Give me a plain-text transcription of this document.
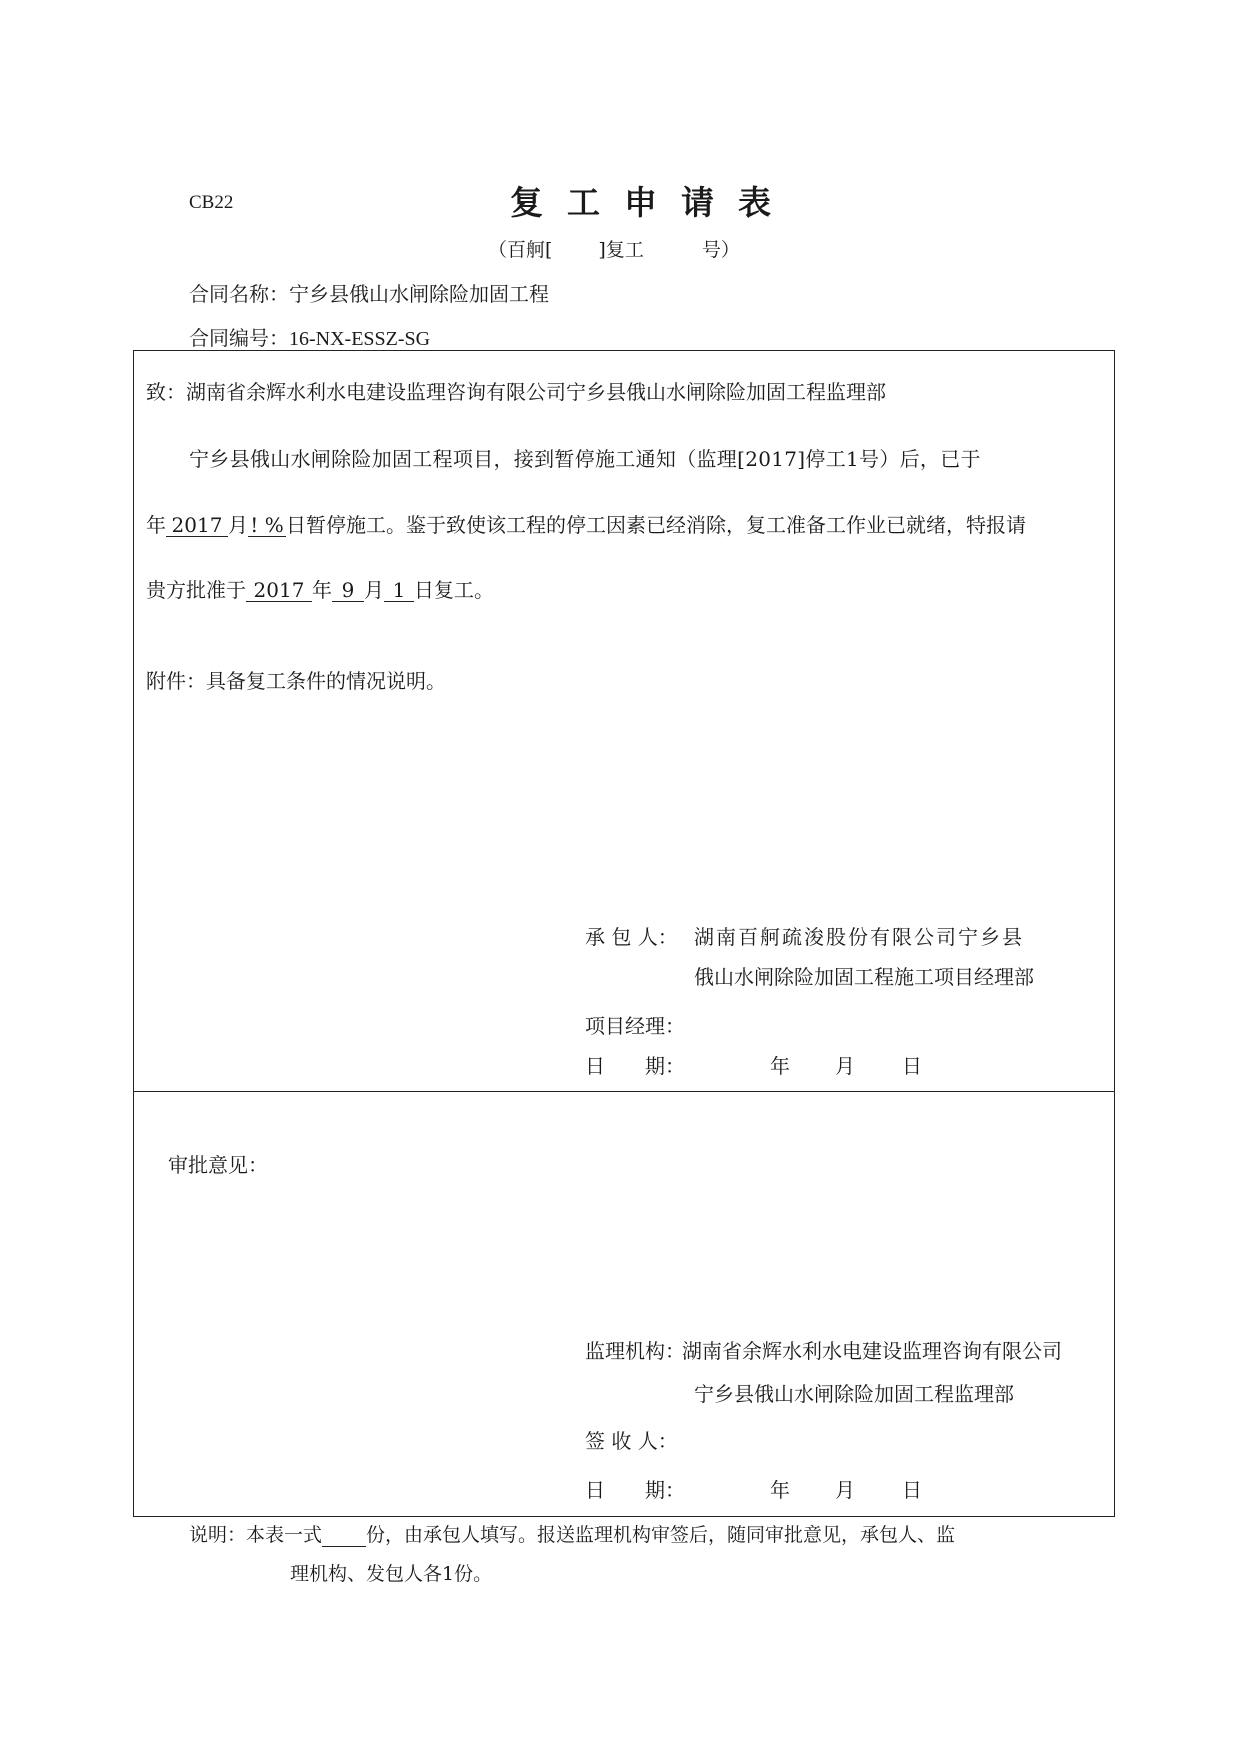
CB22	复工申请表
（百舸[ ]复工	号）
合同名称：宁乡县俄山水闸除险加固工程
合同编号：16-NX-ESSZ-SG
致：湖南省余辉水利水电建设监理咨询有限公司宁乡县俄山水闸除险加固工程监理部
宁乡县俄山水闸除险加固工程项目，接到暂停施工通知（监理[2017]停工1号）后，已于
年 2017 月 ! % 日暂停施工。鉴于致使该工程的停工因素已经消除，复工准备工作业已就绪，特报请
贵方批准于 2017 年 9 月 1 日复工。
附件：具备复工条件的情况说明。
承 包 人： 湖南百舸疏浚股份有限公司宁乡县
俄山水闸除险加固工程施工项目经理部
项目经理：
日　　期：	年 月 日
审批意见：
监理机构：
湖南省余辉水利水电建设监理咨询有限公司
宁乡县俄山水闸除险加固工程监理部
签 收 人：
日　　期：	年 月 日
说明：本表一式 份，由承包人填写。报送监理机构审签后，随同审批意见，承包人、监
理机构、发包人各1份。
